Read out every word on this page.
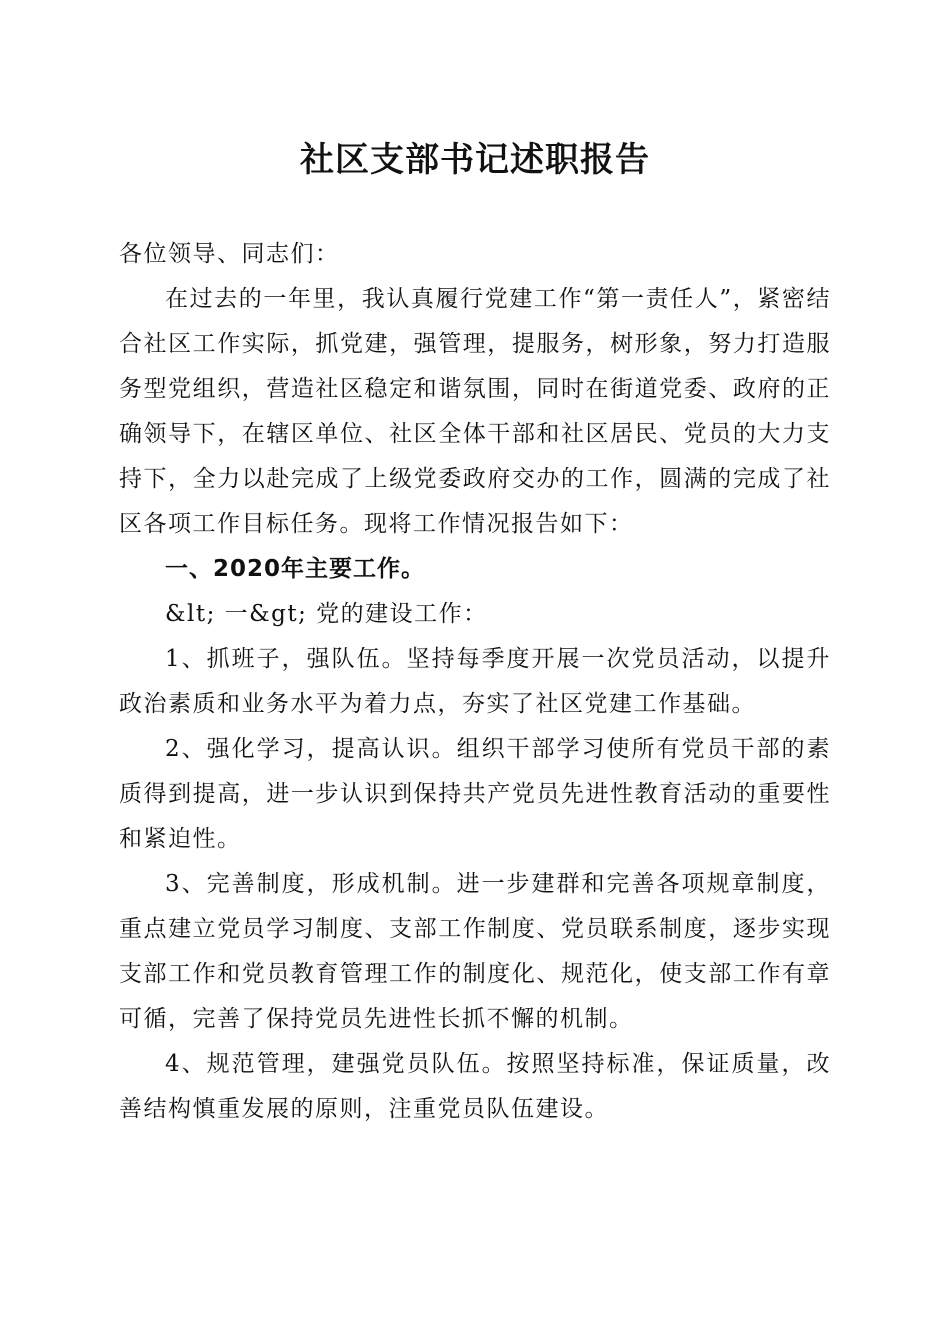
社区支部书记述职报告

各位领导、同志们：

在过去的一年里，我认真履行党建工作“第一责任人”，紧密结合社区工作实际，抓党建，强管理，提服务，树形象，努力打造服务型党组织，营造社区稳定和谐氛围，同时在街道党委、政府的正确领导下，在辖区单位、社区全体干部和社区居民、党员的大力支持下，全力以赴完成了上级党委政府交办的工作，圆满的完成了社区各项工作目标任务。现将工作情况报告如下：

一、2020年主要工作。

&lt; 一&gt; 党的建设工作：

1、抓班子，强队伍。坚持每季度开展一次党员活动，以提升政治素质和业务水平为着力点，夯实了社区党建工作基础。

2、强化学习，提高认识。组织干部学习使所有党员干部的素质得到提高，进一步认识到保持共产党员先进性教育活动的重要性和紧迫性。

3、完善制度，形成机制。进一步建群和完善各项规章制度，重点建立党员学习制度、支部工作制度、党员联系制度，逐步实现支部工作和党员教育管理工作的制度化、规范化，使支部工作有章可循，完善了保持党员先进性长抓不懈的机制。

4、规范管理，建强党员队伍。按照坚持标准，保证质量，改善结构慎重发展的原则，注重党员队伍建设。
